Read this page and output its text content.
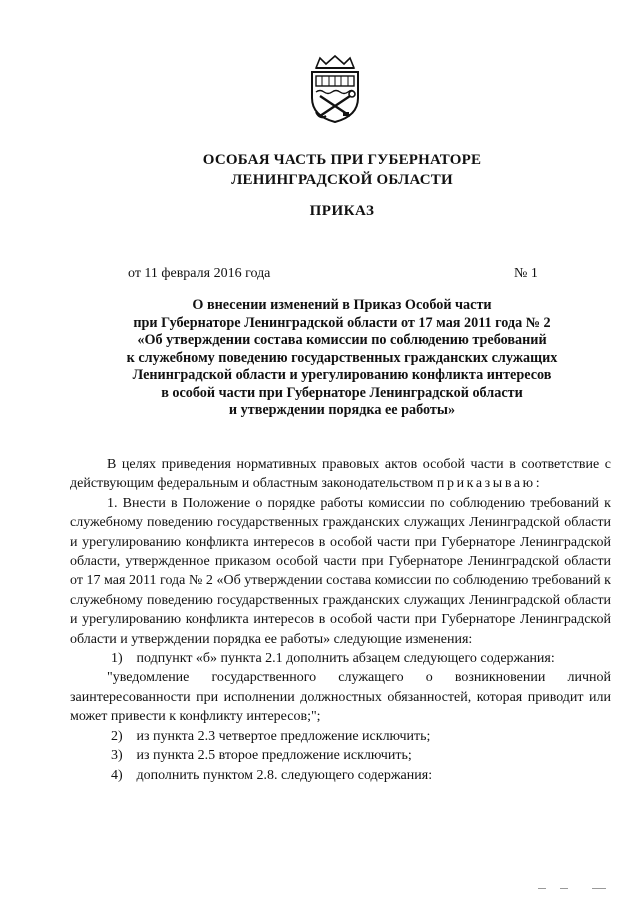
ОСОБАЯ ЧАСТЬ ПРИ ГУБЕРНАТОРЕ
ЛЕНИНГРАДСКОЙ ОБЛАСТИ
ПРИКАЗ
от 11 февраля 2016 года	№ 1
О внесении изменений в Приказ Особой части
при Губернаторе Ленинградской области от 17 мая 2011 года № 2
«Об утверждении состава комиссии по соблюдению требований
к служебному поведению государственных гражданских служащих
Ленинградской области и урегулированию конфликта интересов
в особой части при Губернаторе Ленинградской области
и утверждении порядка ее работы»
В целях приведения нормативных правовых актов особой части в соответствие с действующим федеральным и областным законодательством приказываю:
1. Внести в Положение о порядке работы комиссии по соблюдению требований к служебному поведению государственных гражданских служащих Ленинградской области и урегулированию конфликта интересов в особой части при Губернаторе Ленинградской области, утвержденное приказом особой части при Губернаторе Ленинградской области от 17 мая 2011 года № 2 «Об утверждении состава комиссии по соблюдению требований к служебному поведению государственных гражданских служащих Ленинградской области и урегулированию конфликта интересов в особой части при Губернаторе Ленинградской области и утверждении порядка ее работы» следующие изменения:
1) подпункт «б» пункта 2.1 дополнить абзацем следующего содержания:
"уведомление государственного служащего о возникновении личной заинтересованности при исполнении должностных обязанностей, которая приводит или может привести к конфликту интересов;";
2) из пункта 2.3 четвертое предложение исключить;
3) из пункта 2.5 второе предложение исключить;
4) дополнить пунктом 2.8. следующего содержания:
